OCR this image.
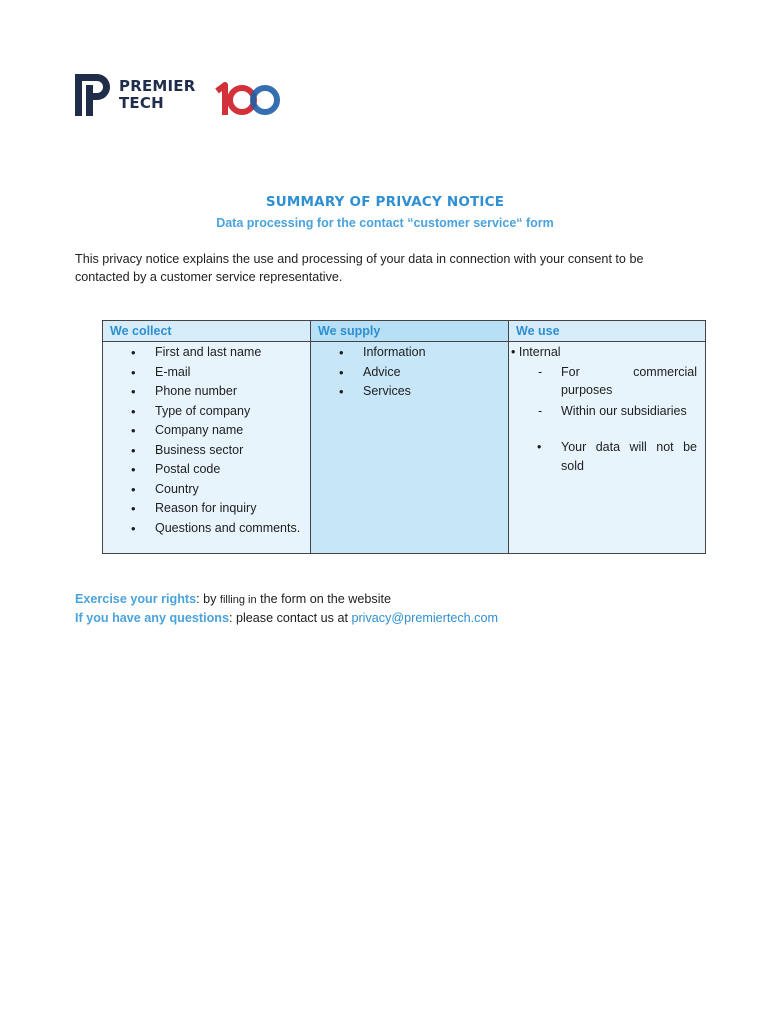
PREMIER
TECH
SUMMARY OF PRIVACY NOTICE
Data processing for the contact “customer service“ form
This privacy notice explains the use and processing of your data in connection with your consent to be contacted by a customer service representative.
We collect
• First and last name
• E-mail
• Phone number
• Type of company
• Company name
• Business sector
• Postal code
• Country
• Reason for inquiry
• Questions and comments.
We supply
• Information
• Advice
• Services
We use
• Internal
- For commercial
purposes
- Within our subsidiaries
• Your data will not be
sold
Exercise your rights: by filling in the form on the website
If you have any questions: please contact us at privacy@premiertech.com
